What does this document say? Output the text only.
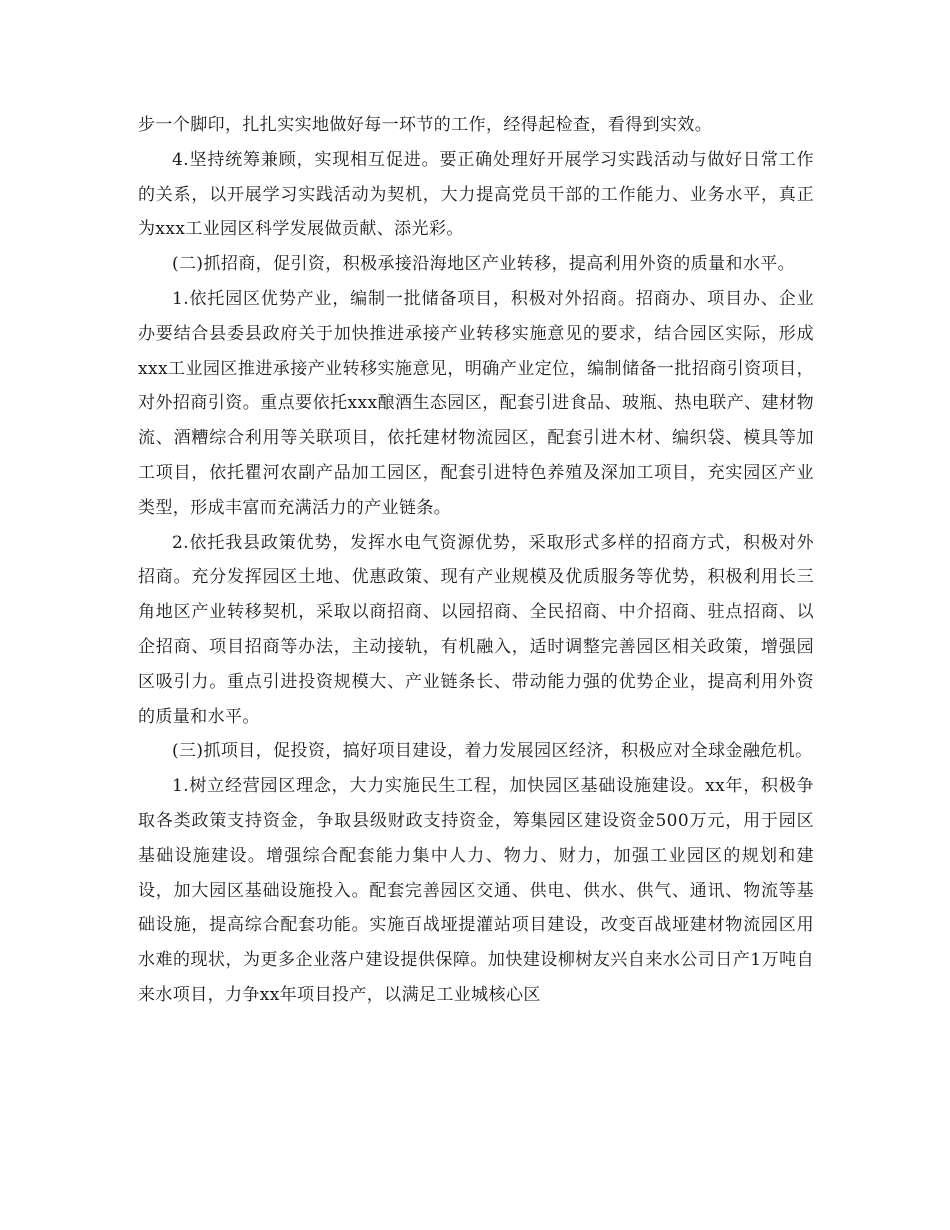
步一个脚印，扎扎实实地做好每一环节的工作，经得起检查，看得到实效。

4.坚持统筹兼顾，实现相互促进。要正确处理好开展学习实践活动与做好日常工作的关系，以开展学习实践活动为契机，大力提高党员干部的工作能力、业务水平，真正为xxx工业园区科学发展做贡献、添光彩。

(二)抓招商，促引资，积极承接沿海地区产业转移，提高利用外资的质量和水平。

1.依托园区优势产业，编制一批储备项目，积极对外招商。招商办、项目办、企业办要结合县委县政府关于加快推进承接产业转移实施意见的要求，结合园区实际，形成xxx工业园区推进承接产业转移实施意见，明确产业定位，编制储备一批招商引资项目，对外招商引资。重点要依托xxx酿酒生态园区，配套引进食品、玻瓶、热电联产、建材物流、酒糟综合利用等关联项目，依托建材物流园区，配套引进木材、编织袋、模具等加工项目，依托瞿河农副产品加工园区，配套引进特色养殖及深加工项目，充实园区产业类型，形成丰富而充满活力的产业链条。

2.依托我县政策优势，发挥水电气资源优势，采取形式多样的招商方式，积极对外招商。充分发挥园区土地、优惠政策、现有产业规模及优质服务等优势，积极利用长三角地区产业转移契机，采取以商招商、以园招商、全民招商、中介招商、驻点招商、以企招商、项目招商等办法，主动接轨，有机融入，适时调整完善园区相关政策，增强园区吸引力。重点引进投资规模大、产业链条长、带动能力强的优势企业，提高利用外资的质量和水平。

(三)抓项目，促投资，搞好项目建设，着力发展园区经济，积极应对全球金融危机。

1.树立经营园区理念，大力实施民生工程，加快园区基础设施建设。xx年，积极争取各类政策支持资金，争取县级财政支持资金，筹集园区建设资金500万元，用于园区基础设施建设。增强综合配套能力集中人力、物力、财力，加强工业园区的规划和建设，加大园区基础设施投入。配套完善园区交通、供电、供水、供气、通讯、物流等基础设施，提高综合配套功能。实施百战垭提灌站项目建设，改变百战垭建材物流园区用水难的现状，为更多企业落户建设提供保障。加快建设柳树友兴自来水公司日产1万吨自来水项目，力争xx年项目投产，以满足工业城核心区
